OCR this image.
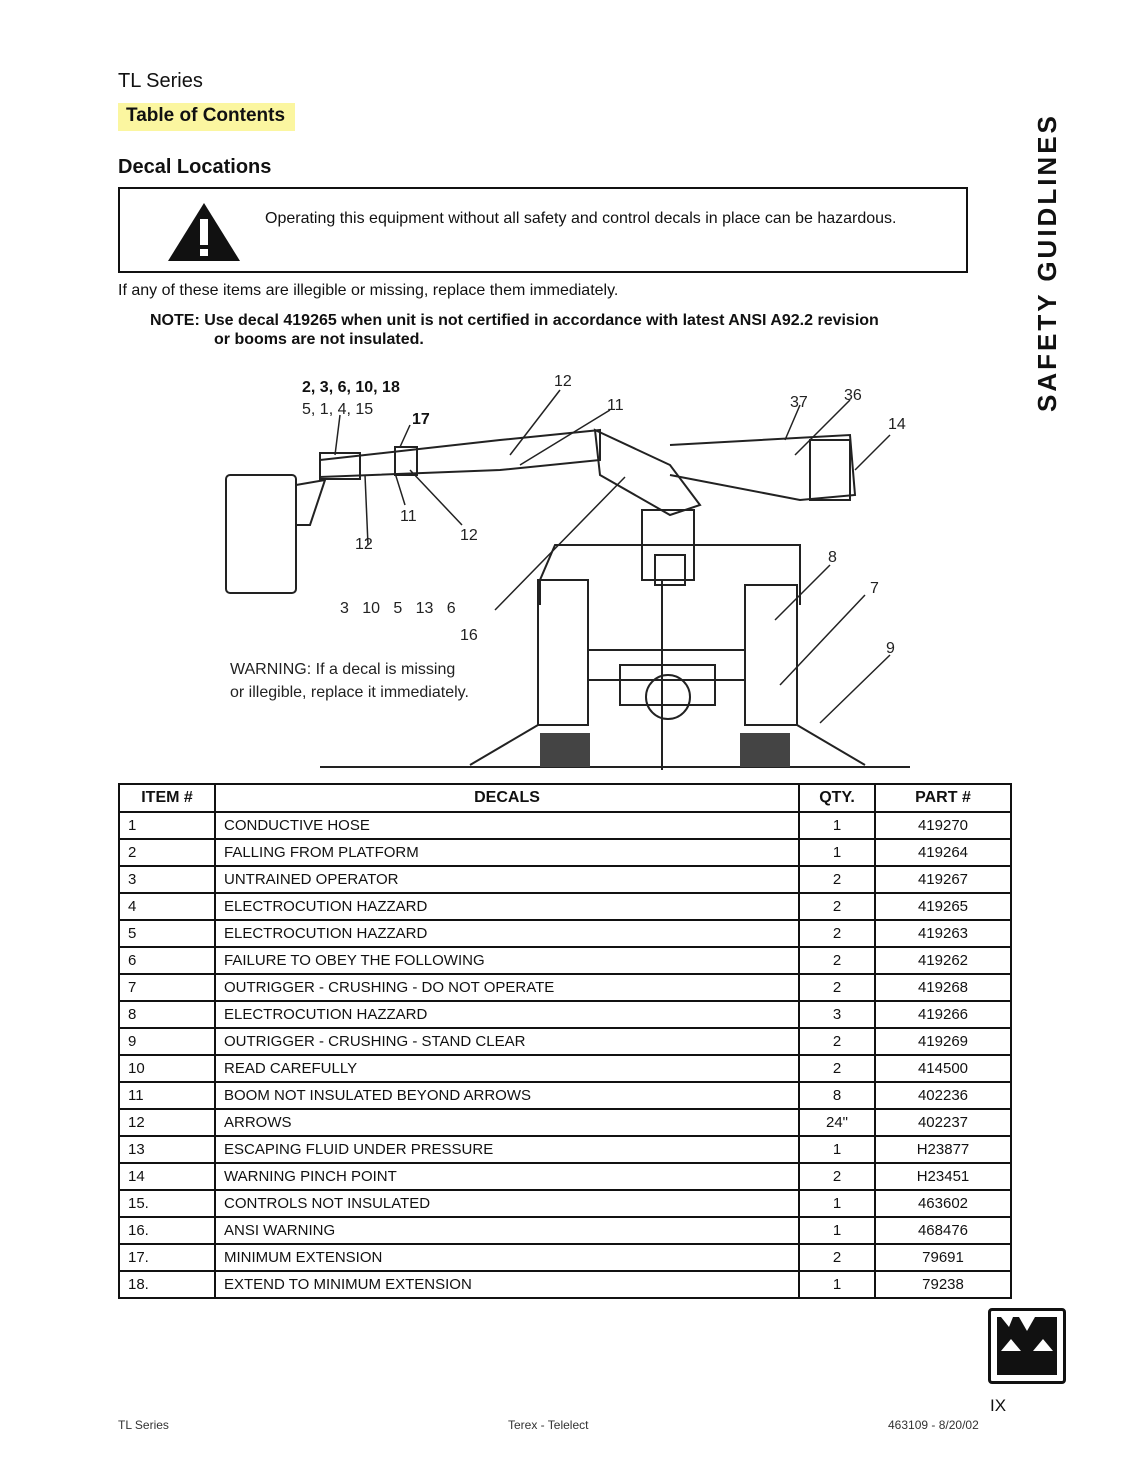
TL Series
Table of Contents
Decal Locations
Operating this equipment without all safety and control decals in place can be hazardous.
If any of these items are illegible or missing, replace them immediately.
NOTE: Use decal 419265 when unit is not certified in accordance with latest ANSI A92.2 revision
or booms are not insulated.	SAFETY GUIDLINES
2, 3, 6, 10, 18
5, 1, 4, 15
17
12
11	37 36
14
11
12
12
3   10   5   13   6
16
8
7
9
WARNING: If a decal is missing
or illegible, replace it immediately.
ITEM #	DECALS	QTY.	PART #
1	CONDUCTIVE HOSE	1	419270
2	FALLING FROM PLATFORM	1	419264
3	UNTRAINED OPERATOR	2	419267
4	ELECTROCUTION HAZZARD	2	419265
5	ELECTROCUTION HAZZARD	2	419263
6	FAILURE TO OBEY THE FOLLOWING	2	419262
7	OUTRIGGER - CRUSHING - DO NOT OPERATE	2	419268
8	ELECTROCUTION HAZZARD	3	419266
9	OUTRIGGER - CRUSHING - STAND CLEAR	2	419269
10	READ CAREFULLY	2	414500
11	BOOM NOT INSULATED BEYOND ARROWS	8	402236
12	ARROWS	24"	402237
13	ESCAPING FLUID UNDER PRESSURE	1	H23877
14	WARNING PINCH POINT	2	H23451
15.	CONTROLS NOT INSULATED	1	463602
16.	ANSI WARNING	1	468476
17.	MINIMUM EXTENSION	2	79691
18.	EXTEND TO MINIMUM EXTENSION	1	79238
IX
TL Series	Terex - Telelect	463109 - 8/20/02
